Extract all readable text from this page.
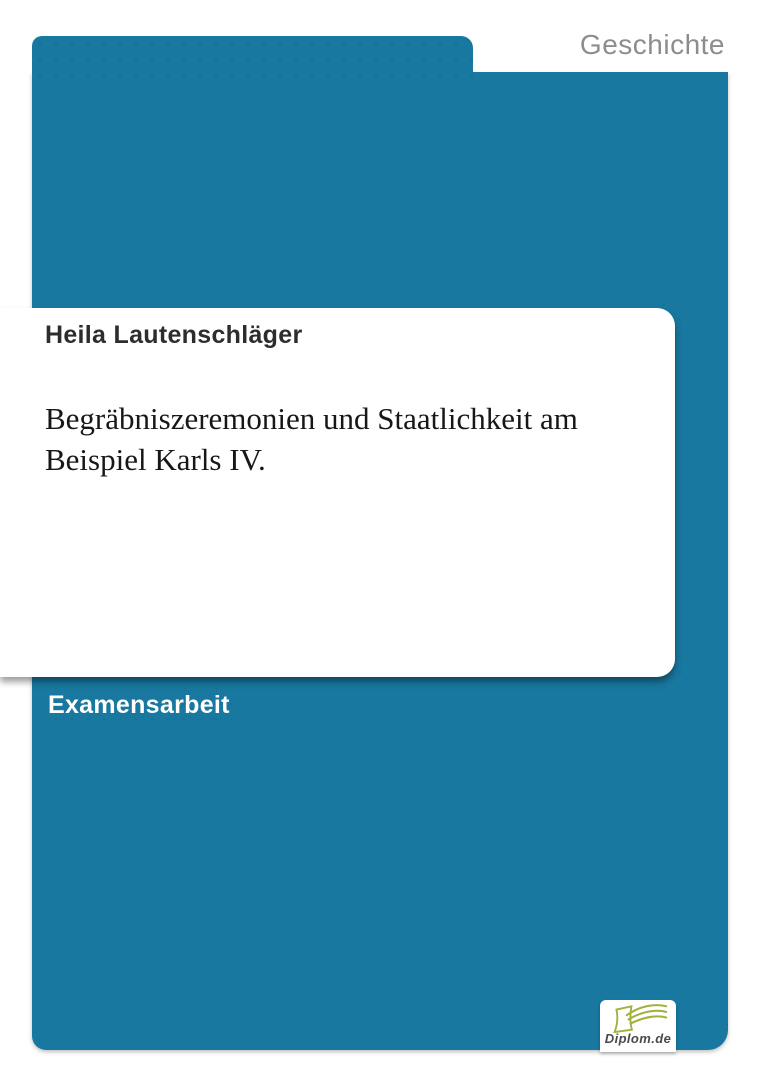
Geschichte
Heila Lautenschläger
Begräbniszeremonien und Staatlichkeit am Beispiel Karls IV.
Examensarbeit
Diplom.de
